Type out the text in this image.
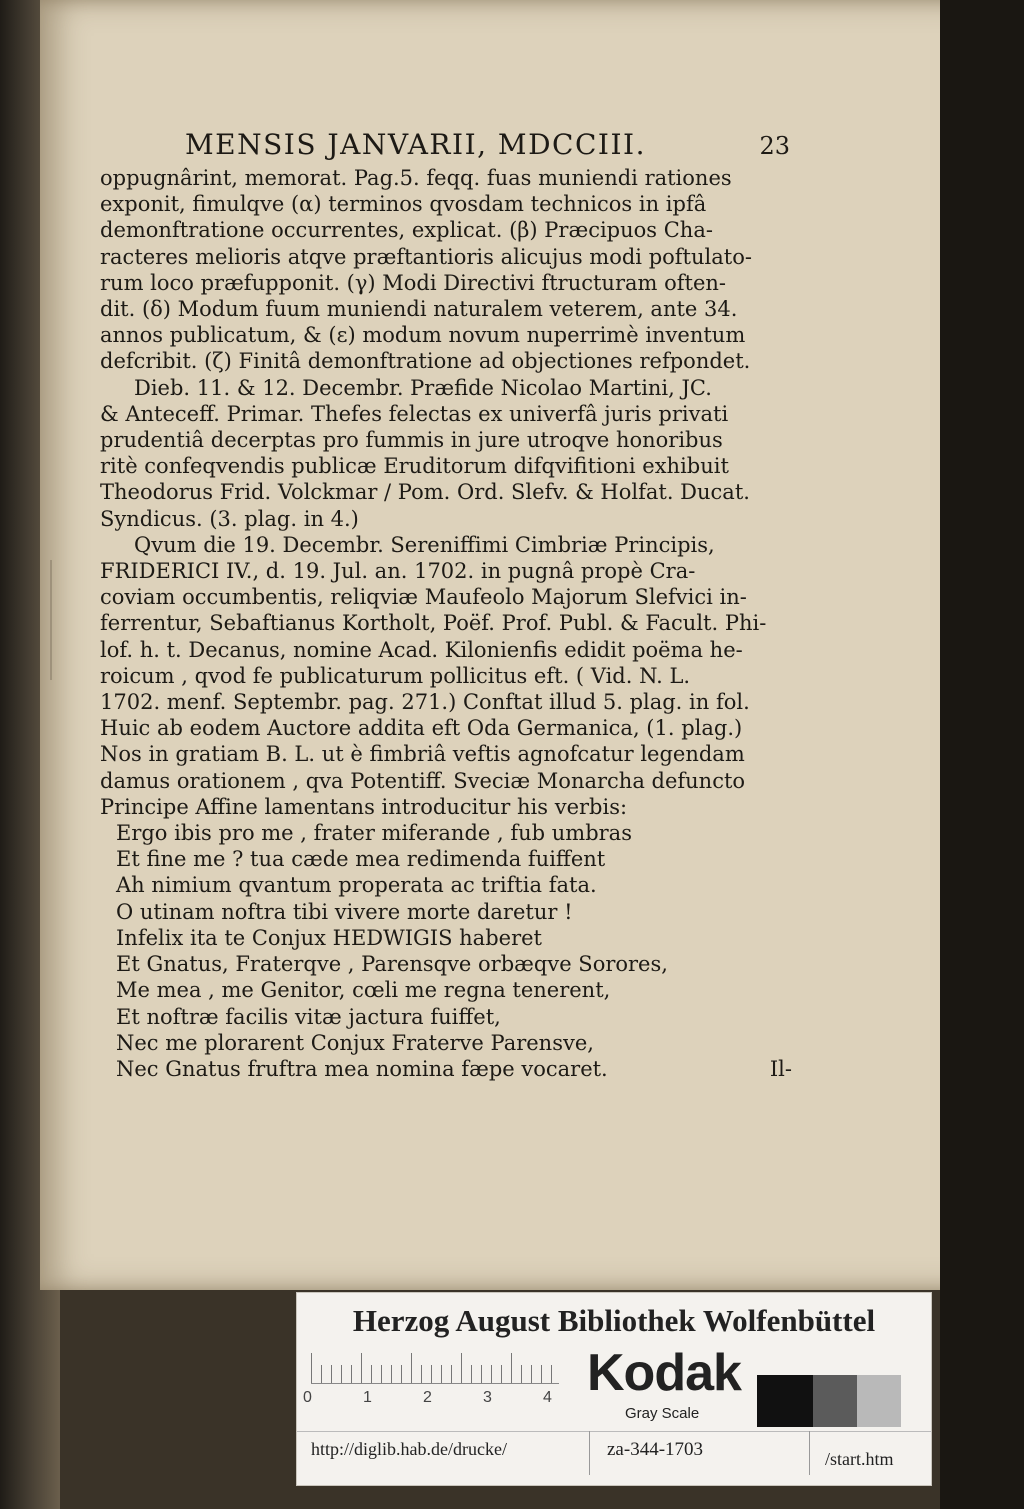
MENSIS JANVARII, MDCCIII.	23

oppugnârint, memorat. Pag.5. feqq. fuas muniendi rationes

exponit, fimulqve (α) terminos qvosdam technicos in ipfâ

demonftratione occurrentes, explicat. (β) Præcipuos Cha-

racteres melioris atqve præftantioris alicujus modi poftulato-

rum loco præfupponit. (γ) Modi Directivi ftructuram often-

dit. (δ) Modum fuum muniendi naturalem veterem, ante 34.

annos publicatum, & (ε) modum novum nuperrimè inventum

defcribit. (ζ) Finitâ demonftratione ad objectiones refpondet.

Dieb. 11. & 12. Decembr. Præfide Nicolao Martini, JC.

& Anteceff. Primar. Thefes felectas ex univerfâ juris privati

prudentiâ decerptas pro fummis in jure utroqve honoribus

ritè confeqvendis publicæ Eruditorum difqvifitioni exhibuit

Theodorus Frid. Volckmar / Pom. Ord. Slefv. & Holfat. Ducat.

Syndicus. (3. plag. in 4.)

Qvum die 19. Decembr. Sereniffimi Cimbriæ Principis,

FRIDERICI IV., d. 19. Jul. an. 1702. in pugnâ propè Cra-

coviam occumbentis, reliqviæ Maufeolo Majorum Slefvici in-

ferrentur, Sebaftianus Kortholt, Poëf. Prof. Publ. & Facult. Phi-

lof. h. t. Decanus, nomine Acad. Kilonienfis edidit poëma he-

roicum , qvod fe publicaturum pollicitus eft. ( Vid. N. L.

1702. menf. Septembr. pag. 271.) Conftat illud 5. plag. in fol.

Huic ab eodem Auctore addita eft Oda Germanica, (1. plag.)

Nos in gratiam B. L. ut è fimbriâ veftis agnofcatur legendam

damus orationem , qva Potentiff. Sveciæ Monarcha defuncto

Principe Affine lamentans introducitur his verbis:

Ergo ibis pro me , frater miferande , fub umbras

Et fine me ? tua cæde mea redimenda fuiffent

Ah nimium qvantum properata ac triftia fata.

O utinam noftra tibi vivere morte daretur !

Infelix ita te Conjux HEDWIGIS haberet

Et Gnatus, Fraterqve , Parensqve orbæqve Sorores,

Me mea , me Genitor, cœli me regna tenerent,

Et noftræ facilis vitæ jactura fuiffet,

Nec me plorarent Conjux Fraterve Parensve,

Nec Gnatus fruftra mea nomina fæpe vocaret.	Il-

Herzog August Bibliothek Wolfenbüttel
0	1	2	3	4 Kodak
Gray Scale
http://diglib.hab.de/drucke/	za-344-1703	/start.htm
